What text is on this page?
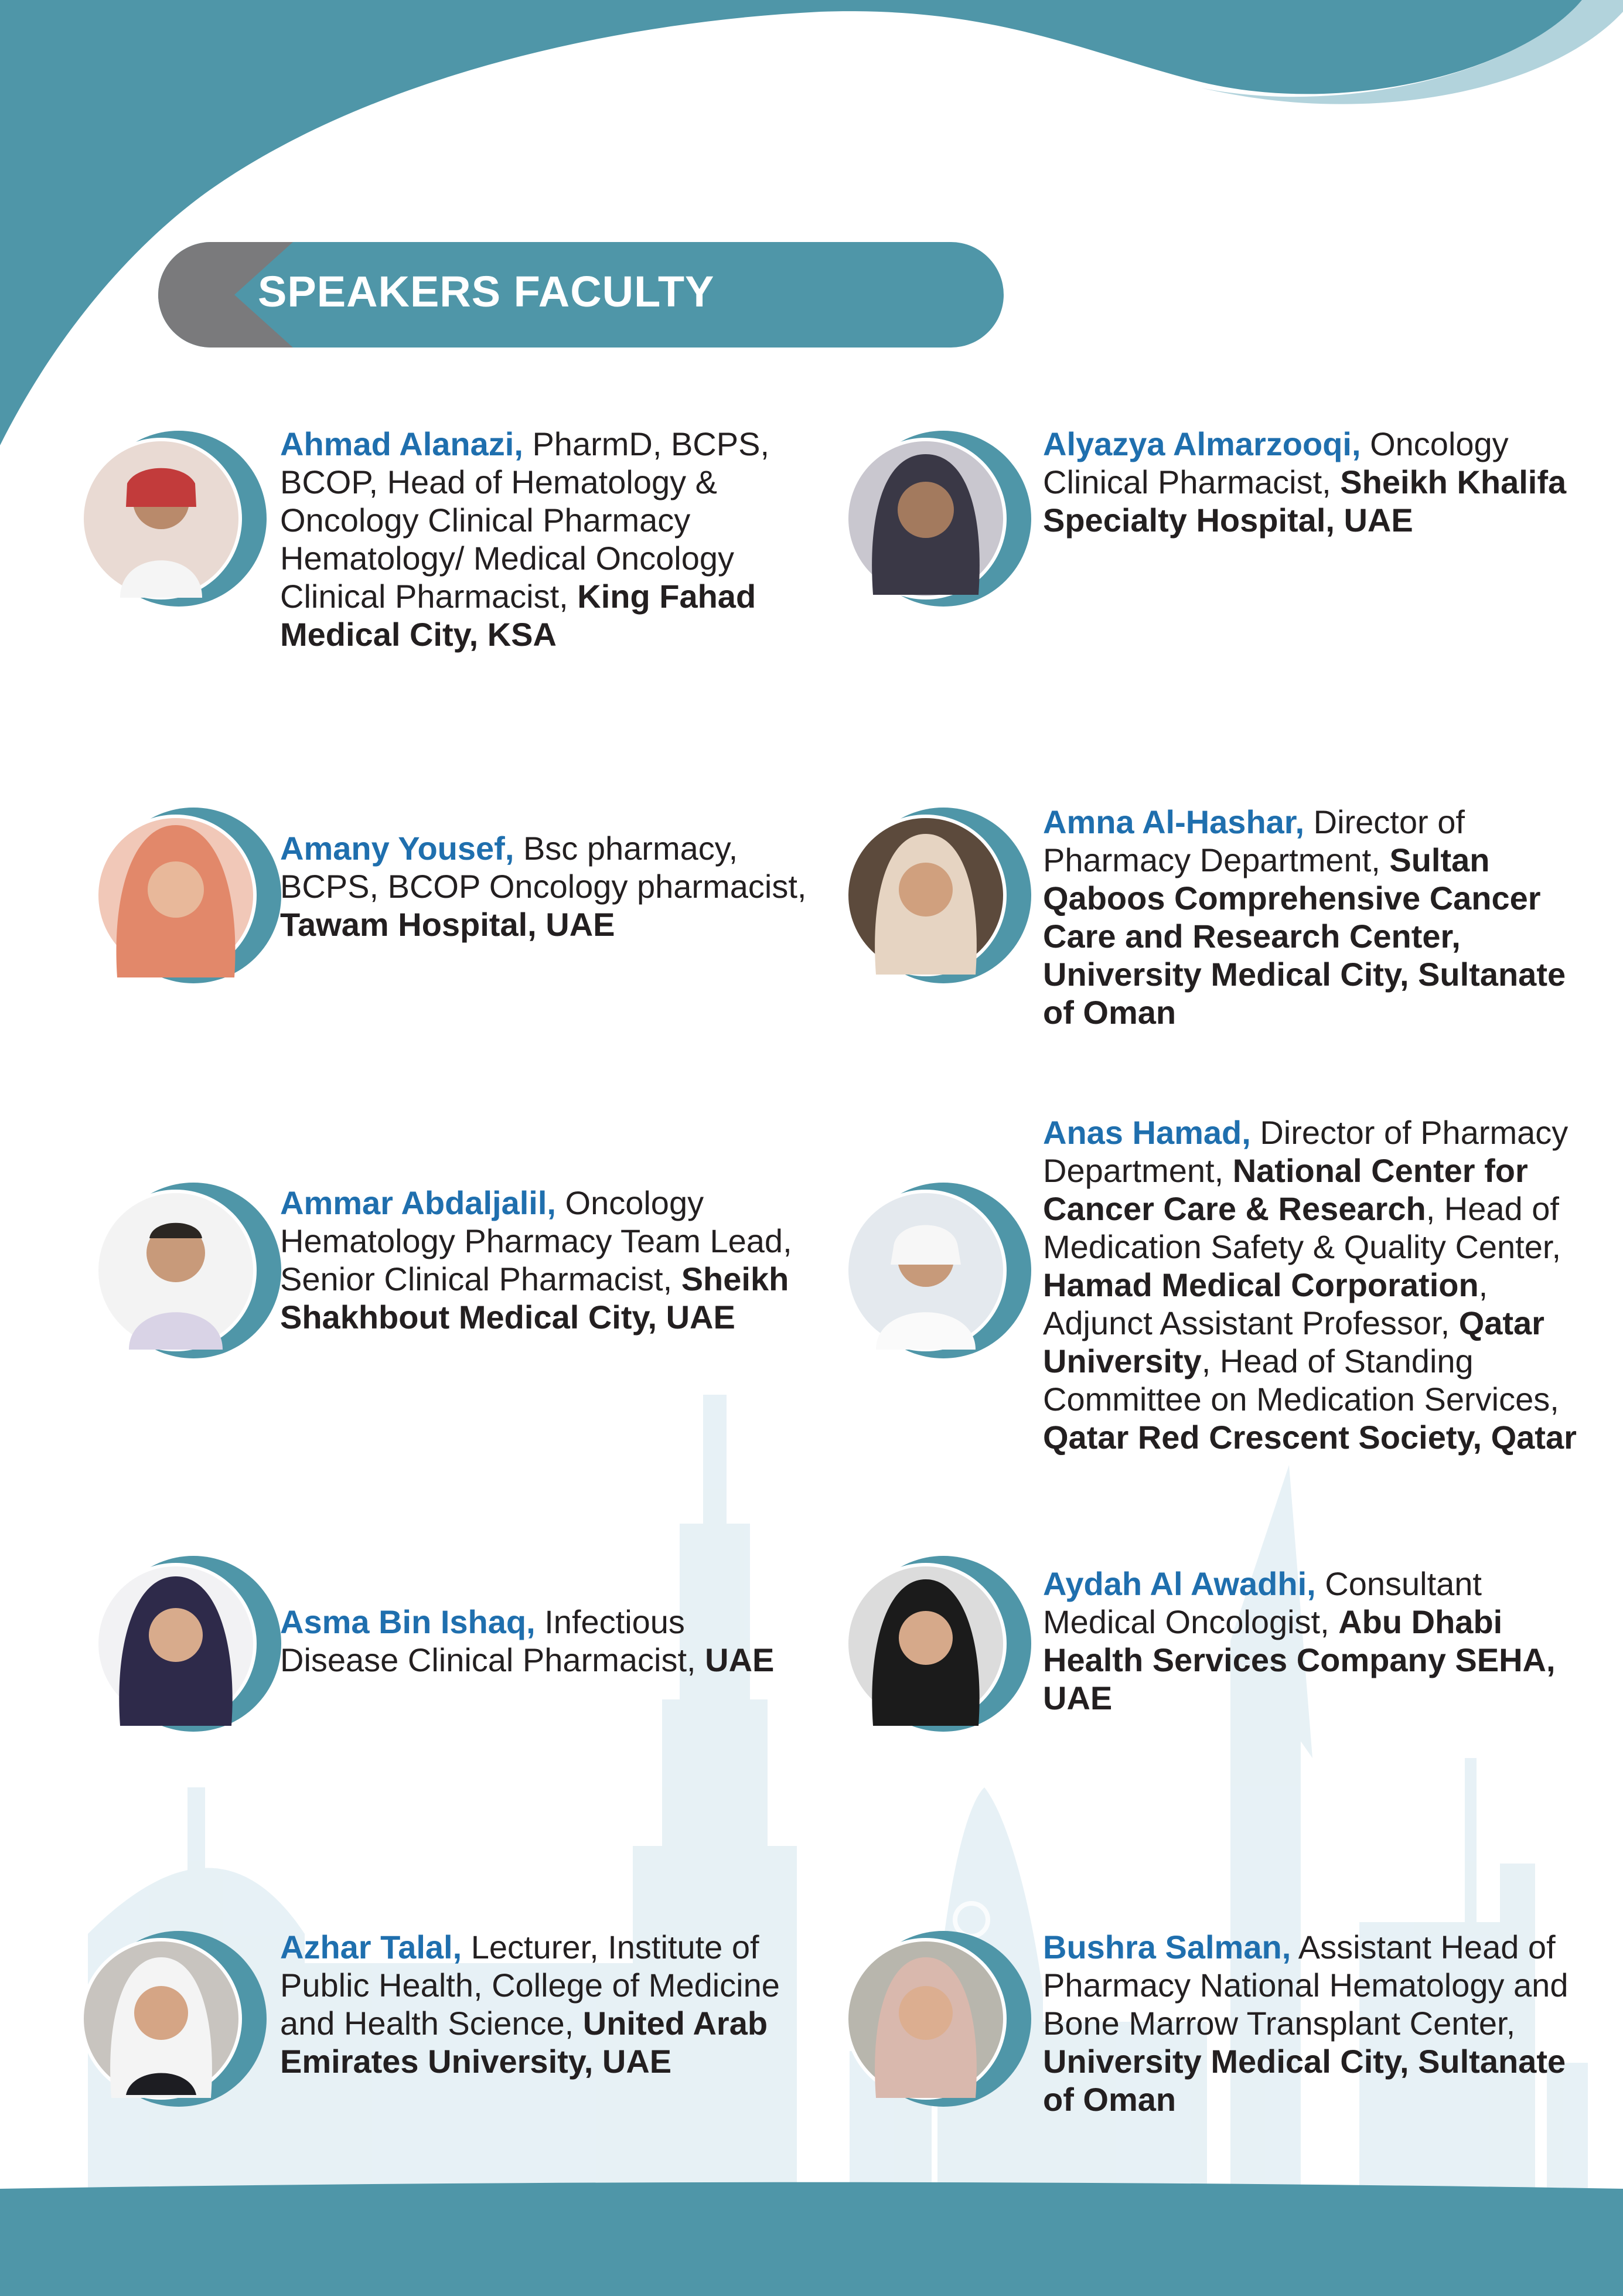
SPEAKERS FACULTY
Ahmad Alanazi, PharmD, BCPS, BCOP, Head of Hematology & Oncology Clinical Pharmacy Hematology/ Medical Oncology Clinical Pharmacist, King Fahad Medical City, KSA
Alyazya Almarzooqi, Oncology Clinical Pharmacist, Sheikh Khalifa Specialty Hospital, UAE
Amany Yousef, Bsc pharmacy, BCPS, BCOP Oncology pharmacist, Tawam Hospital, UAE
Amna Al-Hashar, Director of Pharmacy Department, Sultan Qaboos Comprehensive Cancer Care and Research Center, University Medical City, Sultanate of Oman
Ammar Abdaljalil, Oncology Hematology Pharmacy Team Lead, Senior Clinical Pharmacist, Sheikh Shakhbout Medical City, UAE
Anas Hamad, Director of Pharmacy Department, National Center for Cancer Care & Research, Head of Medication Safety & Quality Center, Hamad Medical Corporation, Adjunct Assistant Professor, Qatar University, Head of Standing Committee on Medication Services, Qatar Red Crescent Society, Qatar
Asma Bin Ishaq, Infectious Disease Clinical Pharmacist, UAE
Aydah Al Awadhi, Consultant Medical Oncologist, Abu Dhabi Health Services Company SEHA, UAE
Azhar Talal, Lecturer, Institute of Public Health, College of Medicine and Health Science, United Arab Emirates University, UAE
Bushra Salman, Assistant Head of Pharmacy National Hematology and Bone Marrow Transplant Center, University Medical City, Sultanate of Oman
